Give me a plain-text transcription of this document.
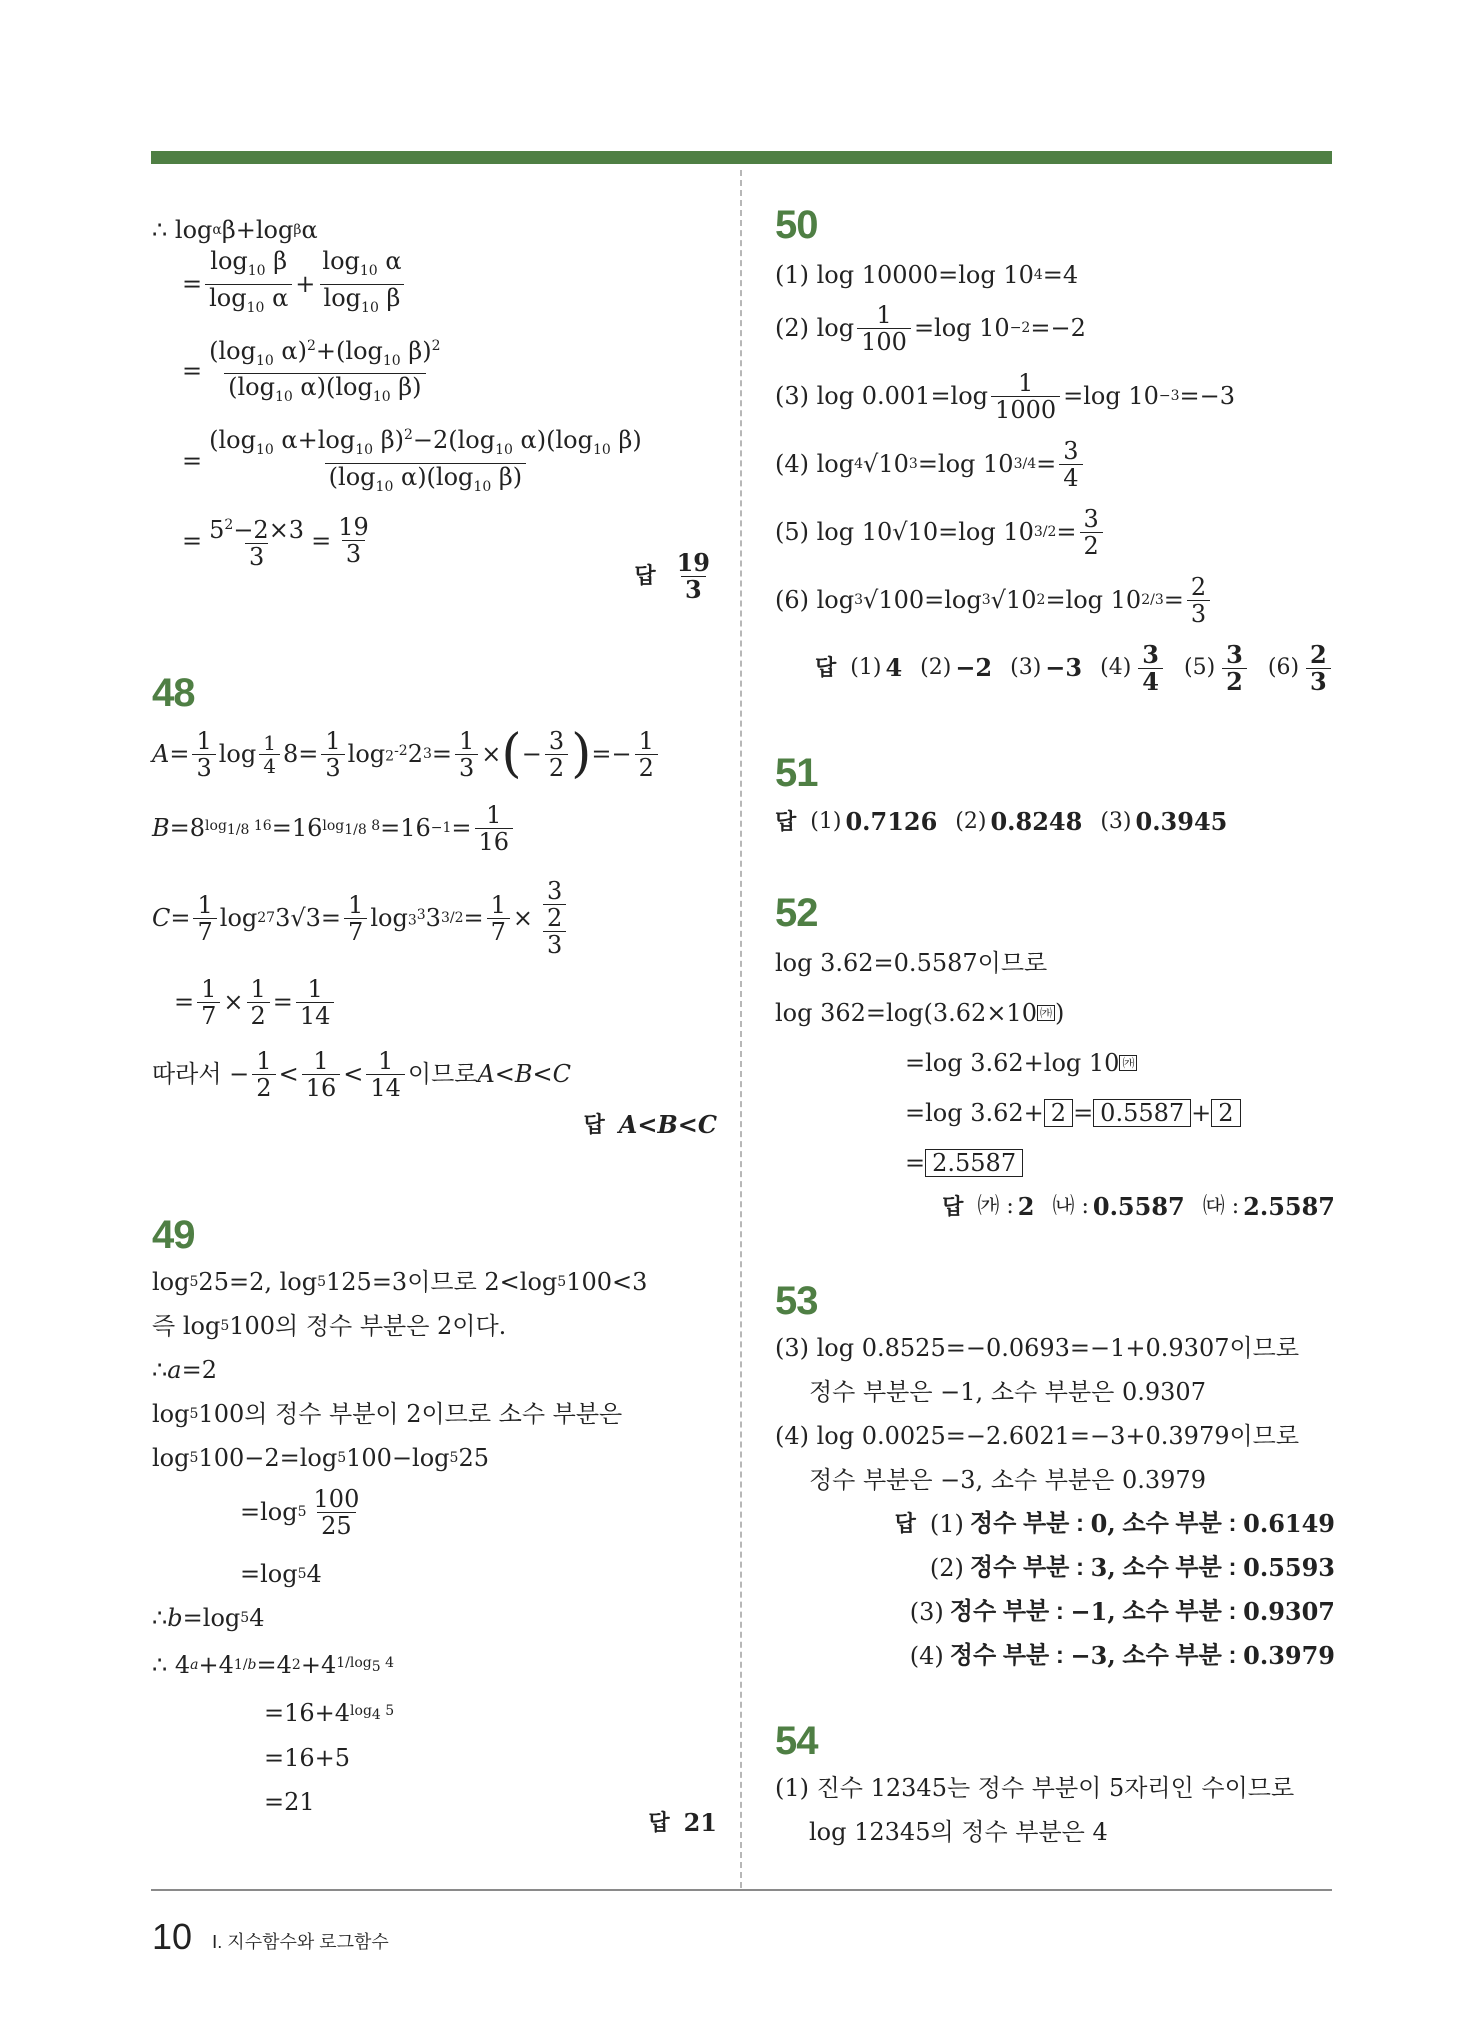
∴ log α β+log β α
= $\frac{\log_{10} \beta}{\log_{10} \alpha} + \frac{\log_{10} \alpha}{\log_{10} \beta}$
= $\frac{(\log_{10} \alpha)^2+(\log_{10} \beta)^2}{(\log_{10} \alpha)(\log_{10} \beta)}$
= $\frac{(\log_{10} \alpha+\log_{10} \beta)^2-2(\log_{10} \alpha)(\log_{10} \beta)}{(\log_{10} \alpha)(\log_{10} \beta)}$
= $\frac{5^2-2\times 3}{3} = \frac{19}{3}$
답 $\frac{19}{3}$
48
$A = \frac{1}{3}$ $\log \frac{1}{4} 8= \frac{1}{3}$ $\log 2^{-2}$ 2 $3 = \frac{1}{3}$ × ( − $\frac{3}{2}$ ) =− $\frac{1}{2}$
B =8 $\log_{1/8} 16 =16$ $\log_{1/8} 8 =16 -1 = \frac{1}{16}$
$C = \frac{1}{7}$ log 27 $3√3= \frac{1}{7}$ $\log 3^3$ 3 $3/2 = \frac{1}{7} \times \frac{\frac{3}{2}}{3}$
= $\frac{1}{7} \times \frac{1}{2} = \frac{1}{14}$
따라서 − $\frac{1}{2} < \frac{1}{16} < \frac{1}{14}$ 이므로 A < B < C
답 A<B<C
49
log 5 25=2, log 5 125=3이므로 2<log 5 100<3
즉 log 5 100의 정수 부분은 2이다.
∴ a =2
log 5 100의 정수 부분이 2이므로 소수 부분은
log 5 100−2=log 5 100−log 5 25
=log $5 \frac{100}{25}$
=log 5 4
∴ b =log 5 4
∴ 4 a +4 1/b =4 2 +4 $1/\log_5$ 4
=16+4 $\log_4 5$
=16+5
=21
답 21
50
(1) log 10000=log 10 4 =4
(2) $\log \frac{1}{100} =\log$ 10 −2 =−2
(3) $\log 0.001=\log \frac{1}{1000} =\log$ 10 −3 =−3
(4) log 4 √10 3 =log 10 $3/4 = \frac{3}{4}$
(5) log 10√10=log 10 $3/2 = \frac{3}{2}$
(6) log 3 √100=log 3 √10 2 =log 10 $2/3 = \frac{2}{3}$
답 (1) 4 (2) −2 (3) −3 $(4) \frac{3}{4} (5) \frac{3}{2} (6) \frac{2}{3}$
51
답 (1) 0.7126 (2) 0.8248 (3) 0.3945
52
log 3.62=0.5587이므로
log 362=log(3.62×10 ㈎ )
=log 3.62+log 10 ㈎
=log 3.62+ 2 = 0.5587 + 2
= 2.5587
답 ㈎ : 2 ㈏ : 0.5587 ㈐ : 2.5587
53
(3) log 0.8525=−0.0693=−1+0.9307이므로
정수 부분은 −1, 소수 부분은 0.9307
(4) log 0.0025=−2.6021=−3+0.3979이므로
정수 부분은 −3, 소수 부분은 0.3979
답 (1) 정수 부분 :
0,
소수 부분 :
0.6149
(2) 정수 부분 :
3,
소수 부분 :
0.5593
(3) 정수 부분 :
−1,
소수 부분 :
0.9307
(4) 정수 부분 :
−3,
소수 부분 :
0.3979
54
(1) 진수 12345는 정수 부분이 5자리인 수이므로
log 12345의 정수 부분은 4
10 Ⅰ. 지수함수와 로그함수
